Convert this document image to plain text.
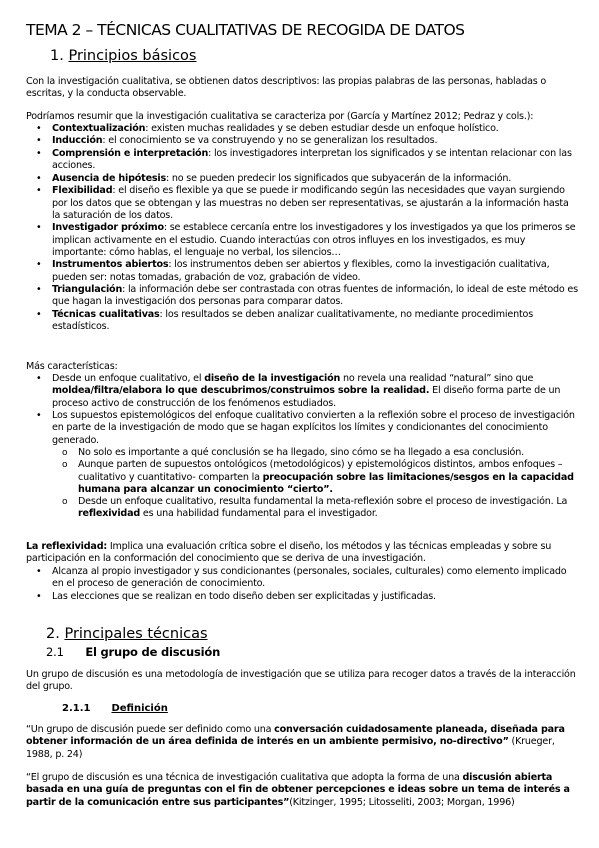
TEMA 2 – TÉCNICAS CUALITATIVAS DE RECOGIDA DE DATOS
1. Principios básicos
Con la investigación cualitativa, se obtienen datos descriptivos: las propias palabras de las personas, habladas o escritas, y la conducta observable.
Podríamos resumir que la investigación cualitativa se caracteriza por (García y Martínez 2012; Pedraz y cols.):
• Contextualización: existen muchas realidades y se deben estudiar desde un enfoque holístico.
• Inducción: el conocimiento se va construyendo y no se generalizan los resultados.
• Comprensión e interpretación: los investigadores interpretan los significados y se intentan relacionar con las acciones.
• Ausencia de hipótesis: no se pueden predecir los significados que subyacerán de la información.
• Flexibilidad: el diseño es flexible ya que se puede ir modificando según las necesidades que vayan surgiendo por los datos que se obtengan y las muestras no deben ser representativas, se ajustarán a la información hasta la saturación de los datos.
• Investigador próximo: se establece cercanía entre los investigadores y los investigados ya que los primeros se implican activamente en el estudio. Cuando interactúas con otros influyes en los investigados, es muy importante: cómo hablas, el lenguaje no verbal, los silencios…
• Instrumentos abiertos: los instrumentos deben ser abiertos y flexibles, como la investigación cualitativa, pueden ser: notas tomadas, grabación de voz, grabación de video.
• Triangulación: la información debe ser contrastada con otras fuentes de información, lo ideal de este método es que hagan la investigación dos personas para comparar datos.
• Técnicas cualitativas: los resultados se deben analizar cualitativamente, no mediante procedimientos estadísticos.
Más características:
• Desde un enfoque cualitativo, el diseño de la investigación no revela una realidad “natural” sino que moldea/filtra/elabora lo que descubrimos/construimos sobre la realidad. El diseño forma parte de un proceso activo de construcción de los fenómenos estudiados.
• Los supuestos epistemológicos del enfoque cualitativo convierten a la reflexión sobre el proceso de investigación en parte de la investigación de modo que se hagan explícitos los límites y condicionantes del conocimiento generado.
o No solo es importante a qué conclusión se ha llegado, sino cómo se ha llegado a esa conclusión.
o Aunque parten de supuestos ontológicos (metodológicos) y epistemológicos distintos, ambos enfoques – cualitativo y cuantitativo- comparten la preocupación sobre las limitaciones/sesgos en la capacidad humana para alcanzar un conocimiento “cierto”.
o Desde un enfoque cualitativo, resulta fundamental la meta-reflexión sobre el proceso de investigación. La reflexividad es una habilidad fundamental para el investigador.
La reflexividad: Implica una evaluación crítica sobre el diseño, los métodos y las técnicas empleadas y sobre su participación en la conformación del conocimiento que se deriva de una investigación.
• Alcanza al propio investigador y sus condicionantes (personales, sociales, culturales) como elemento implicado en el proceso de generación de conocimiento.
• Las elecciones que se realizan en todo diseño deben ser explicitadas y justificadas.
2. Principales técnicas
2.1 El grupo de discusión
Un grupo de discusión es una metodología de investigación que se utiliza para recoger datos a través de la interacción del grupo.
2.1.1 Definición
“Un grupo de discusión puede ser definido como una conversación cuidadosamente planeada, diseñada para obtener información de un área definida de interés en un ambiente permisivo, no-directivo” (Krueger, 1988, p. 24)
“El grupo de discusión es una técnica de investigación cualitativa que adopta la forma de una discusión abierta basada en una guía de preguntas con el fin de obtener percepciones e ideas sobre un tema de interés a partir de la comunicación entre sus participantes”(Kitzinger, 1995; Litosseliti, 2003; Morgan, 1996)
